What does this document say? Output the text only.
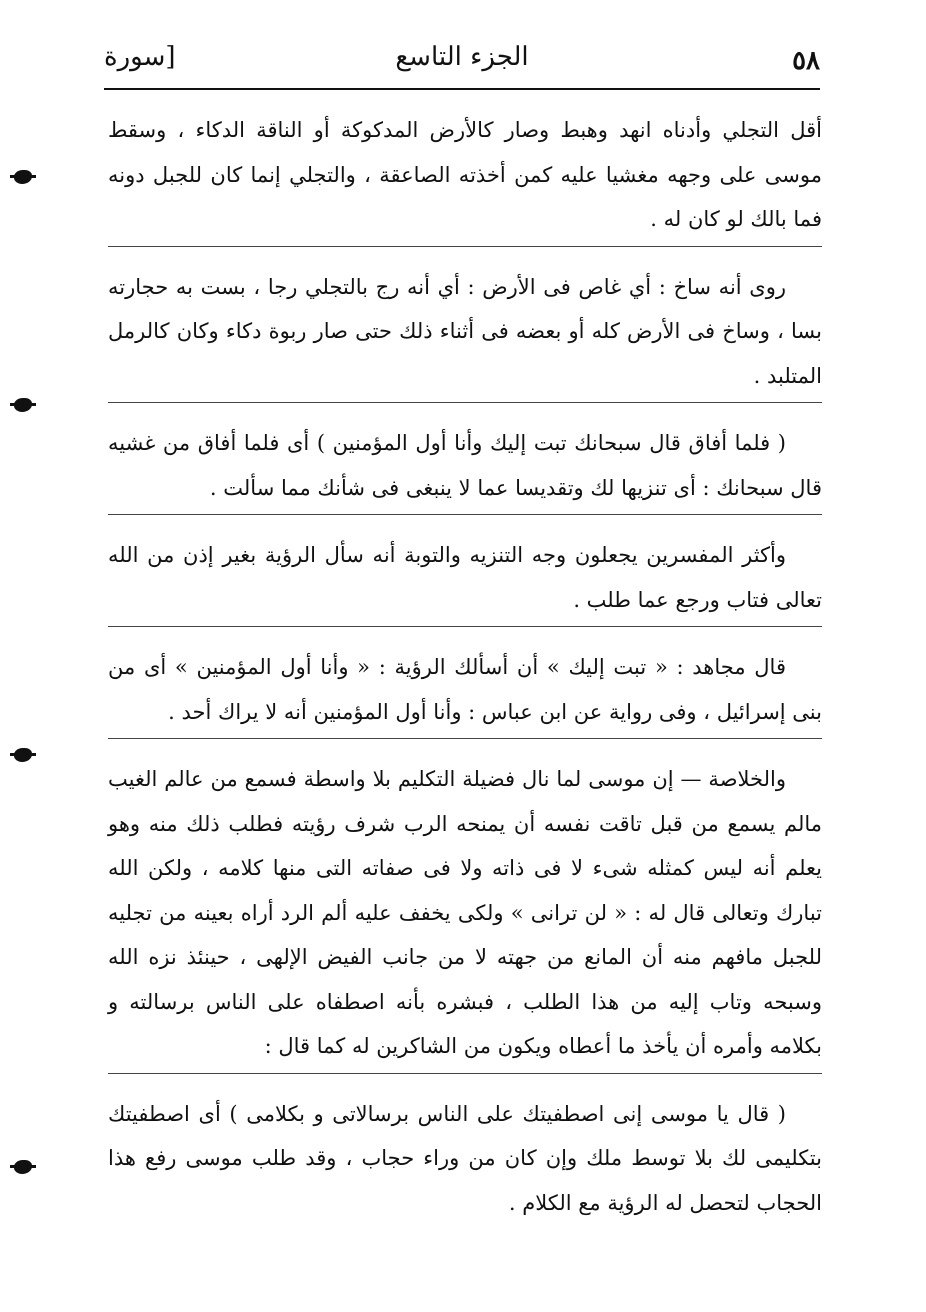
٥٨
الجزء التاسع
[سورة

أقل التجلي وأدناه انهد وهبط وصار كالأرض المدكوكة أو الناقة الدكاء ، وسقط موسى على وجهه مغشيا عليه كمن أخذته الصاعقة ، والتجلي إنما كان للجبل دونه فما بالك لو كان له .

روى أنه ساخ : أي غاص فى الأرض : أي أنه رج بالتجلي رجا ، بست به حجارته بسا ، وساخ فى الأرض كله أو بعضه فى أثناء ذلك حتى صار ربوة دكاء وكان كالرمل المتلبد .

( فلما أفاق قال سبحانك تبت إليك وأنا أول المؤمنين ) أى فلما أفاق من غشيه قال سبحانك : أى تنزيها لك وتقديسا عما لا ينبغى فى شأنك مما سألت .

وأكثر المفسرين يجعلون وجه التنزيه والتوبة أنه سأل الرؤية بغير إذن من الله تعالى فتاب ورجع عما طلب .

قال مجاهد : « تبت إليك » أن أسألك الرؤية : « وأنا أول المؤمنين » أى من بنى إسرائيل ، وفى رواية عن ابن عباس : وأنا أول المؤمنين أنه لا يراك أحد .

والخلاصة — إن موسى لما نال فضيلة التكليم بلا واسطة فسمع من عالم الغيب مالم يسمع من قبل تاقت نفسه أن يمنحه الرب شرف رؤيته فطلب ذلك منه وهو يعلم أنه ليس كمثله شىء لا فى ذاته ولا فى صفاته التى منها كلامه ، ولكن الله تبارك وتعالى قال له : « لن ترانى » ولكى يخفف عليه ألم الرد أراه بعينه من تجليه للجبل مافهم منه أن المانع من جهته لا من جانب الفيض الإلهى ، حينئذ نزه الله وسبحه وتاب إليه من هذا الطلب ، فبشره بأنه اصطفاه على الناس برسالته و بكلامه وأمره أن يأخذ ما أعطاه ويكون من الشاكرين له كما قال :

( قال يا موسى إنى اصطفيتك على الناس برسالاتى و بكلامى ) أى اصطفيتك بتكليمى لك بلا توسط ملك وإن كان من وراء حجاب ، وقد طلب موسى رفع هذا الحجاب لتحصل له الرؤية مع الكلام .
